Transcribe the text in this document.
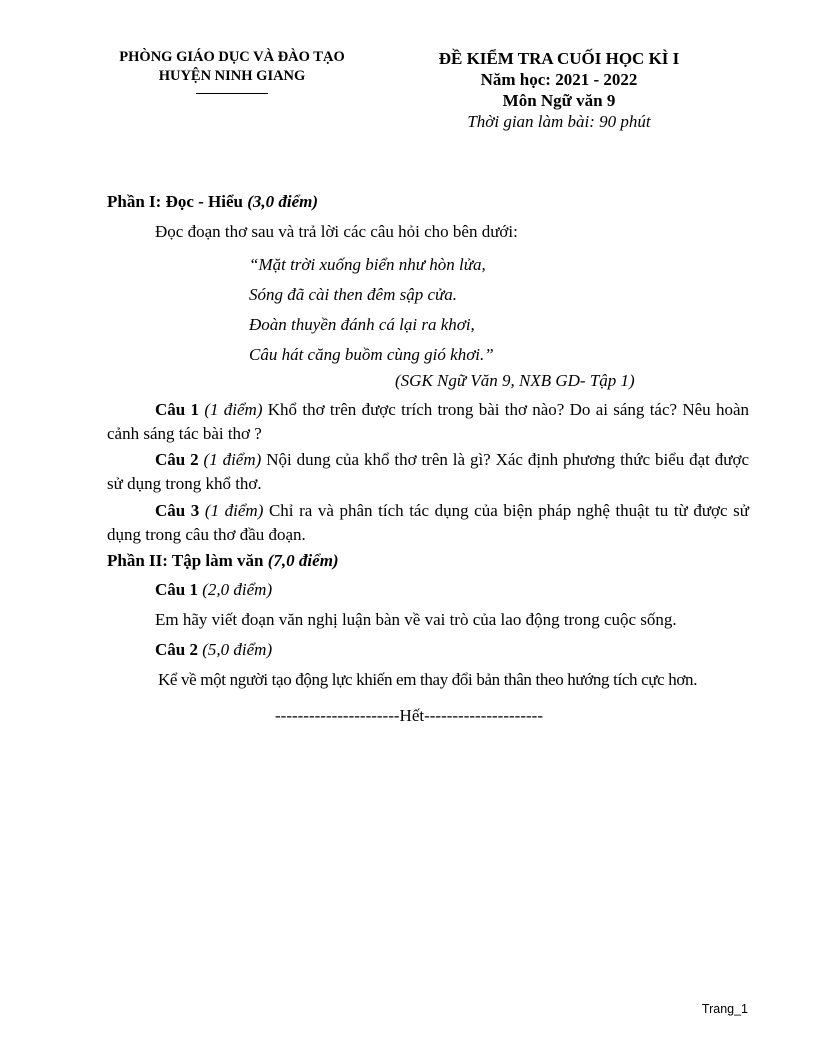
PHÒNG GIÁO DỤC VÀ ĐÀO TẠO
HUYỆN NINH GIANG
ĐỀ KIỂM TRA CUỐI HỌC KÌ I
Năm học: 2021 - 2022
Môn Ngữ văn 9
Thời gian làm bài: 90 phút
Phần I: Đọc - Hiểu (3,0 điểm)
Đọc đoạn thơ sau và trả lời các câu hỏi cho bên dưới:
“Mặt trời xuống biển như hòn lửa,
Sóng đã cài then đêm sập cửa.
Đoàn thuyền đánh cá lại ra khơi,
Câu hát căng buồm cùng gió khơi.”
(SGK Ngữ Văn 9, NXB GD- Tập 1)
Câu 1 (1 điểm) Khổ thơ trên được trích trong bài thơ nào? Do ai sáng tác? Nêu hoàn cảnh sáng tác bài thơ ?
Câu 2 (1 điểm) Nội dung của khổ thơ trên là gì? Xác định phương thức biểu đạt được sử dụng trong khổ thơ.
Câu 3 (1 điểm) Chỉ ra và phân tích tác dụng của biện pháp nghệ thuật tu từ được sử dụng trong câu thơ đầu đoạn.
Phần II: Tập làm văn (7,0 điểm)
Câu 1 (2,0 điểm)
Em hãy viết đoạn văn nghị luận bàn về vai trò của lao động trong cuộc sống.
Câu 2 (5,0 điểm)
Kể về một người tạo động lực khiến em thay đổi bản thân theo hướng tích cực hơn.
----------------------Hết---------------------
Trang_1
